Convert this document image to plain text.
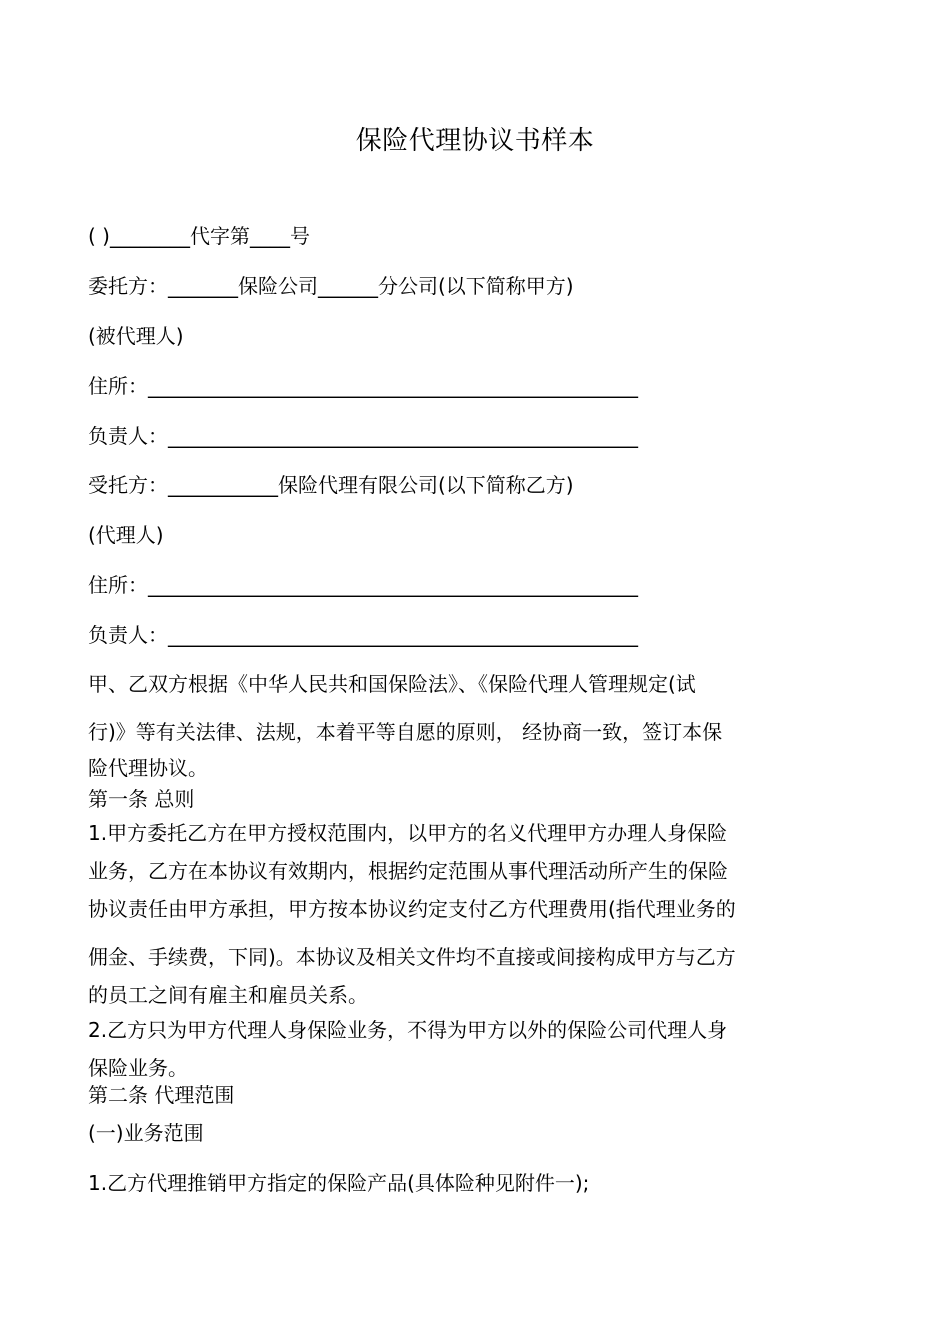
保险代理协议书样本
( )________代字第____号
委托方：_______保险公司______分公司(以下简称甲方)
(被代理人)
住所：_________________________________________________
负责人：_______________________________________________
受托方：___________保险代理有限公司(以下简称乙方)
(代理人)
住所：_________________________________________________
负责人：_______________________________________________
甲、乙双方根据《中华人民共和国保险法》、《保险代理人管理规定(试
行)》等有关法律、法规，本着平等自愿的原则， 经协商一致，签订本保
险代理协议。
第一条 总则
1.甲方委托乙方在甲方授权范围内，以甲方的名义代理甲方办理人身保险
业务，乙方在本协议有效期内，根据约定范围从事代理活动所产生的保险
协议责任由甲方承担，甲方按本协议约定支付乙方代理费用(指代理业务的
佣金、手续费，下同)。本协议及相关文件均不直接或间接构成甲方与乙方
的员工之间有雇主和雇员关系。
2.乙方只为甲方代理人身保险业务，不得为甲方以外的保险公司代理人身
保险业务。
第二条 代理范围
(一)业务范围
1.乙方代理推销甲方指定的保险产品(具体险种见附件一);
